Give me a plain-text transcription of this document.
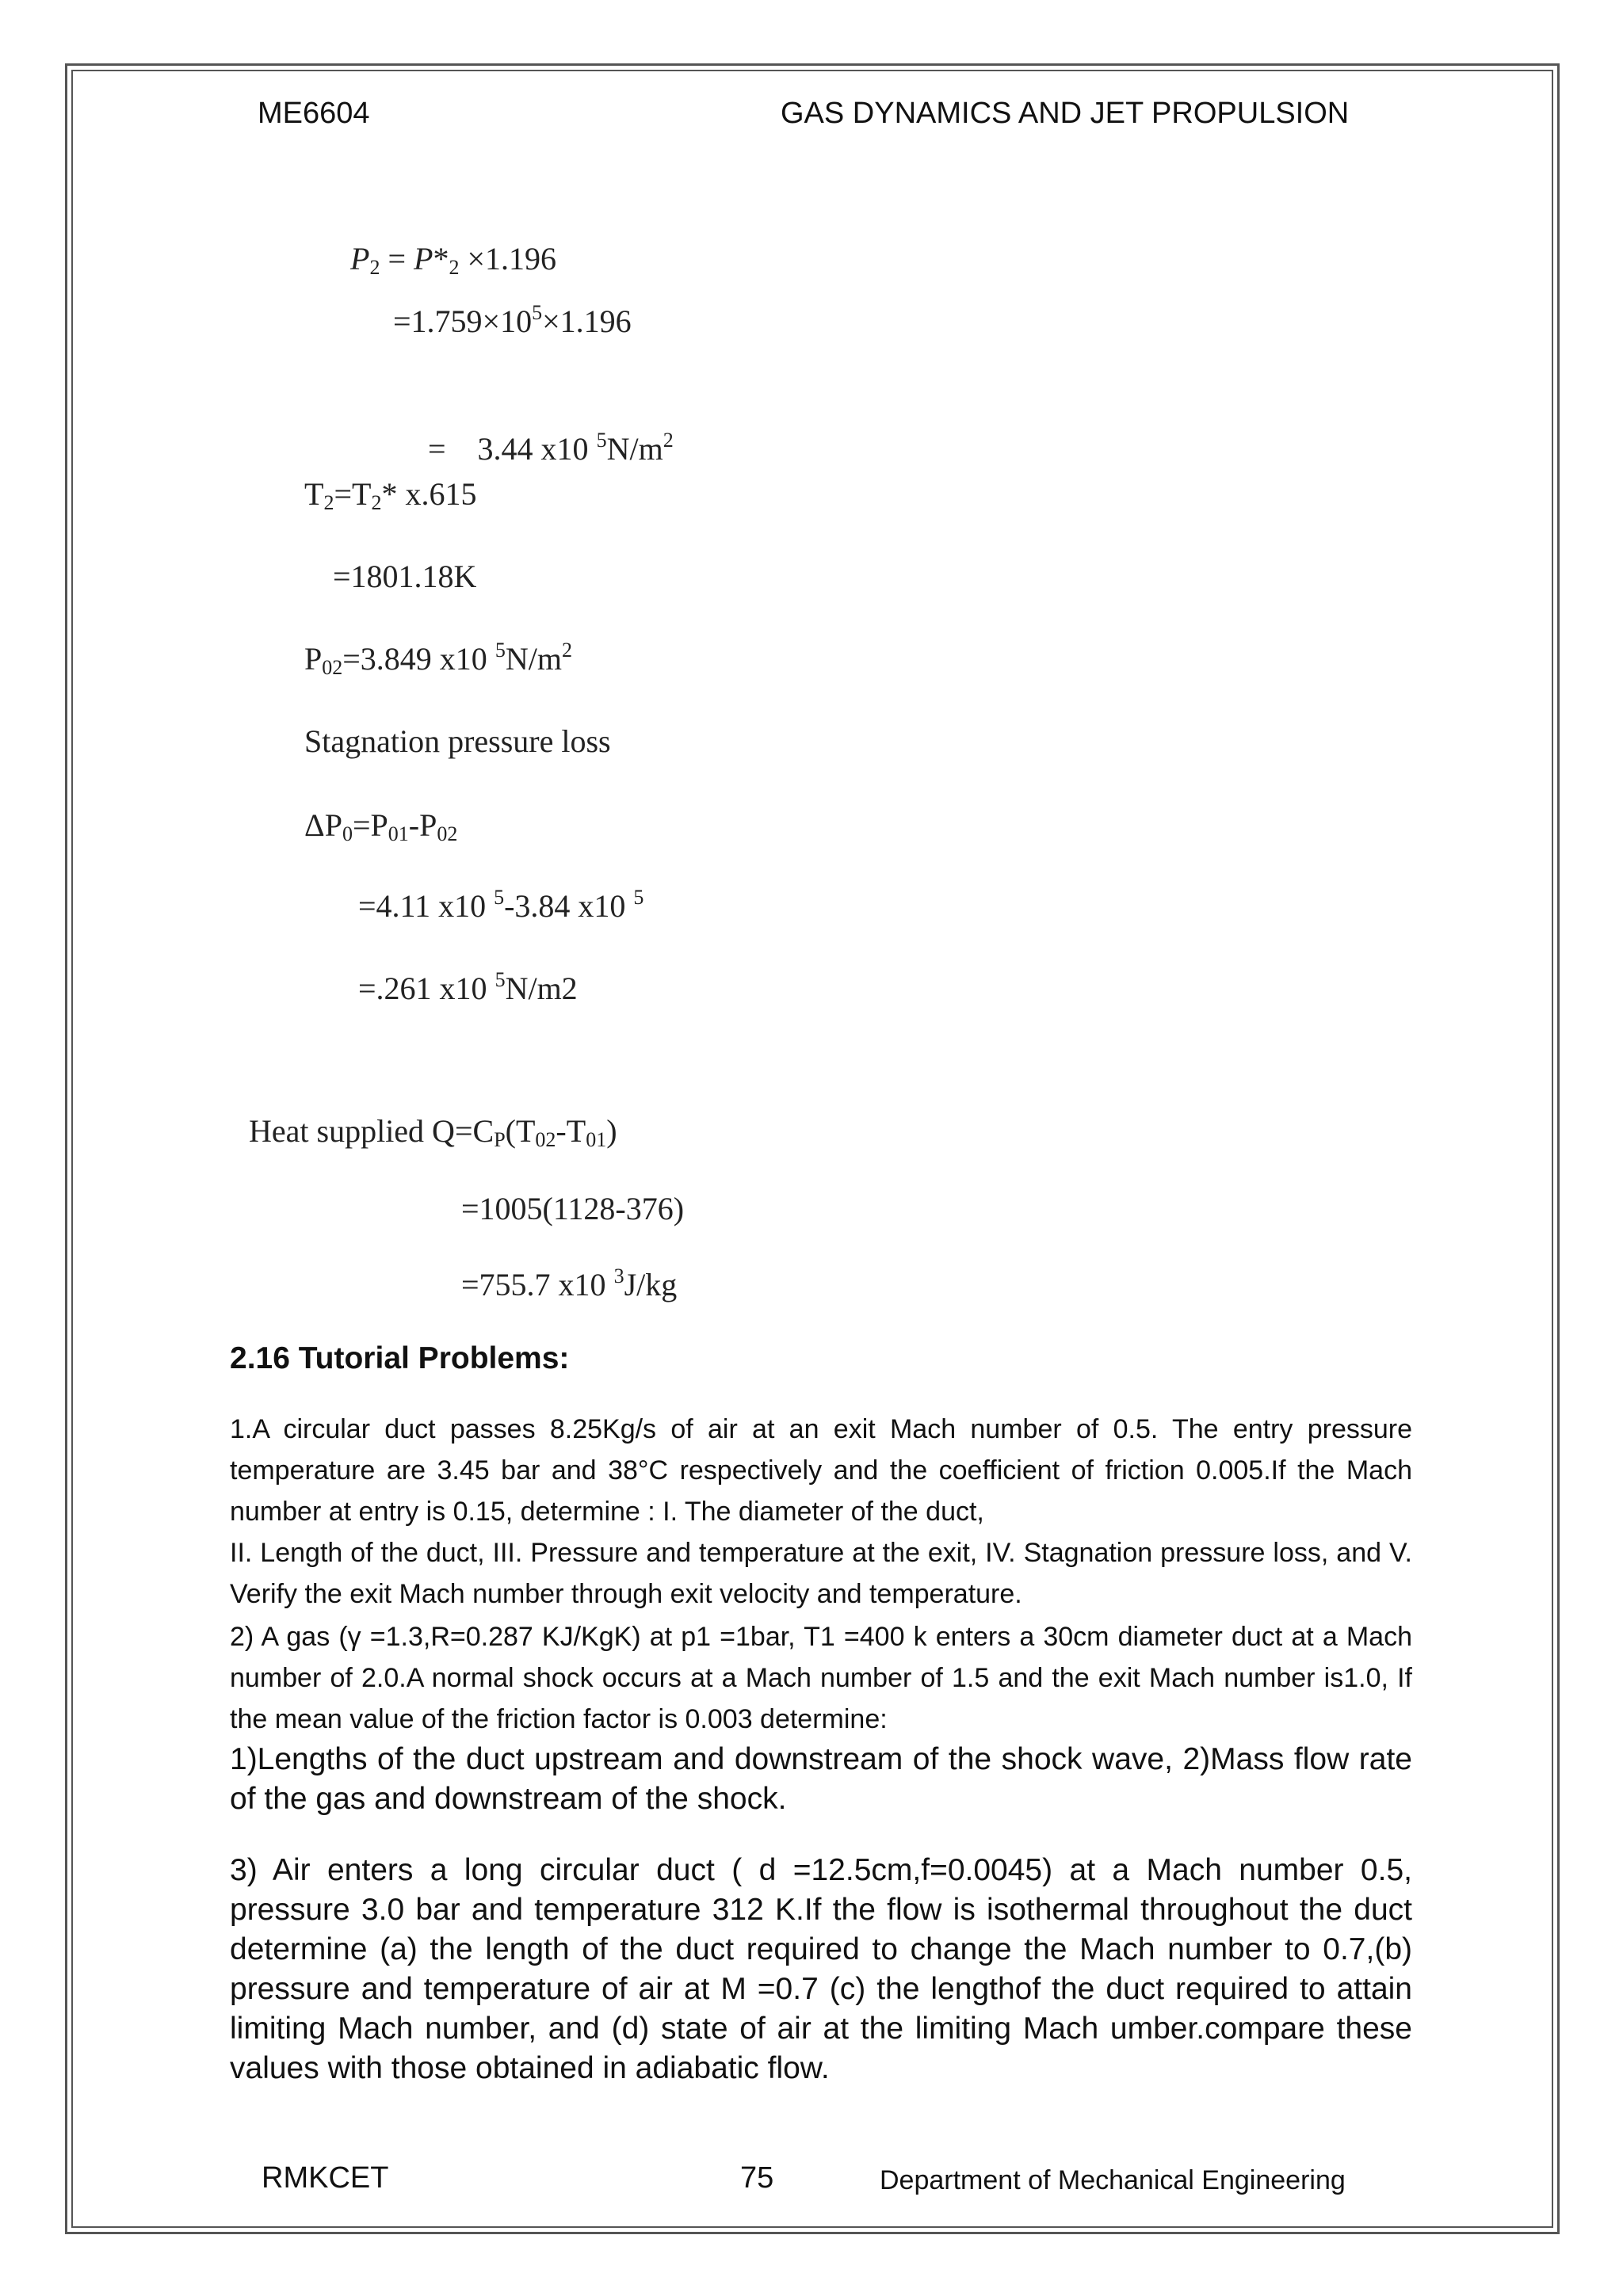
ME6604	GAS DYNAMICS AND JET PROPULSION
$P_2 = P*_2 \times 1.196$
$=1.759\times 10^5\times 1.196$

=    3.44 x10 $^5N/m^2$

$T_2=T_2*$ x.615
=1801.18K
$P_{02}=3.849$ x10 $^5N/m^2$
Stagnation pressure loss
$\Delta P_0=P_{01}-P_{02}$
=4.11 x10 $^5$-3.84 x10 $^5$
=.261 x10 $^5$N/m2
Heat supplied $Q=C_P(T_{02}-T_{01})$
=1005(1128-376)
=755.7 x10 $^3$J/kg
2.16 Tutorial Problems:

1.A circular duct passes 8.25Kg/s of air at an exit Mach number of 0.5. The entry pressure temperature are 3.45 bar and 38°C respectively and the coefficient of friction 0.005.If the Mach number at entry is 0.15, determine : I. The diameter of the duct,

II. Length of the duct, III. Pressure and temperature at the exit, IV. Stagnation pressure loss, and V. Verify the exit Mach number through exit velocity and temperature.

2) A gas (γ =1.3,R=0.287 KJ/KgK) at p1 =1bar, T1 =400 k enters a 30cm diameter duct at a Mach number of 2.0.A normal shock occurs at a Mach number of 1.5 and the exit Mach number is1.0, If the mean value of the friction factor is 0.003 determine:

1)Lengths of the duct upstream and downstream of the shock wave, 2)Mass flow rate of the gas and downstream of the shock.

3) Air enters a long circular duct ( d =12.5cm,f=0.0045) at a Mach number 0.5, pressure 3.0 bar and temperature 312 K.If the flow is isothermal throughout the duct determine (a) the length of the duct required to change the Mach number to 0.7,(b) pressure and temperature of air at M =0.7 (c) the lengthof the duct required to attain limiting Mach number, and (d) state of air at the limiting Mach umber.compare these values with those obtained in adiabatic flow.

RMKCET	75	Department of Mechanical Engineering
